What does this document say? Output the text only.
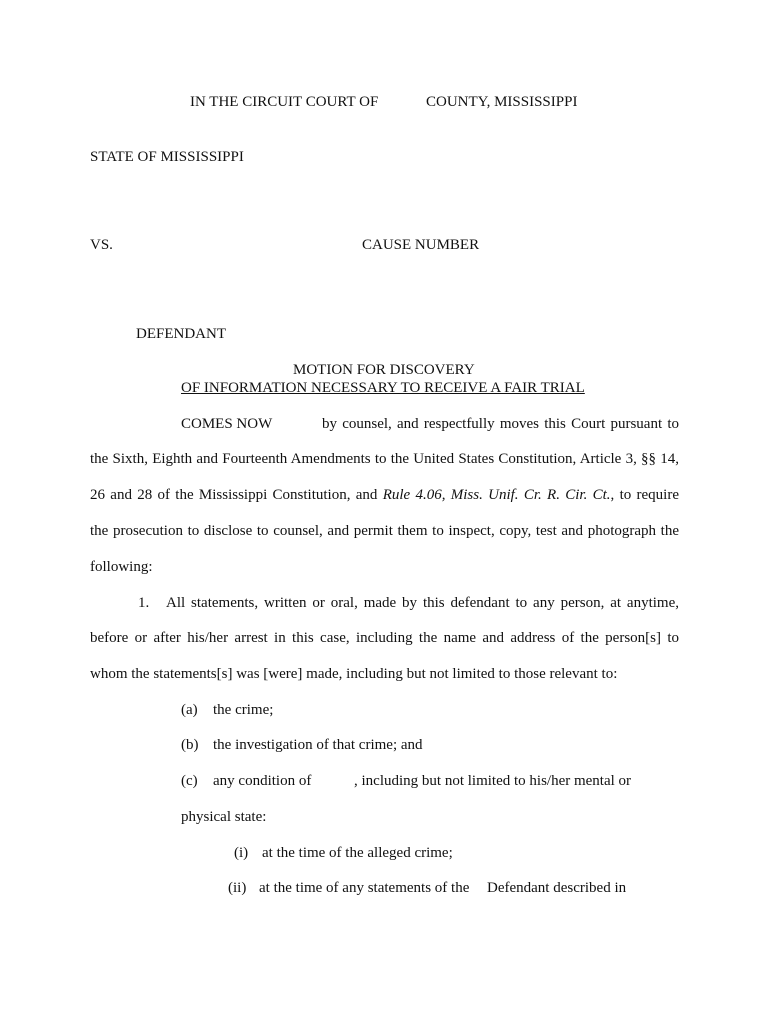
IN THE CIRCUIT COURT OF	COUNTY, MISSISSIPPI
STATE OF MISSISSIPPI
VS.	CAUSE NUMBER
DEFENDANT
MOTION FOR DISCOVERY
OF INFORMATION NECESSARY TO RECEIVE A FAIR TRIAL
COMES NOW	by counsel, and respectfully moves this Court pursuant to
the Sixth, Eighth and Fourteenth Amendments to the United States Constitution, Article 3, §§ 14,
26 and 28 of the Mississippi Constitution, and Rule 4.06, Miss. Unif. Cr. R. Cir. Ct., to require
the prosecution to disclose to counsel, and permit them to inspect, copy, test and photograph the
following:
1. All statements, written or oral, made by this defendant to any person, at anytime,
before or after his/her arrest in this case, including the name and address of the person[s] to
whom the statements[s] was [were] made, including but not limited to those relevant to:
(a) the crime;
(b) the investigation of that crime; and
(c) any condition of	, including but not limited to his/her mental or
physical state:
(i) at the time of the alleged crime;
(ii) at the time of any statements of the Defendant described in
